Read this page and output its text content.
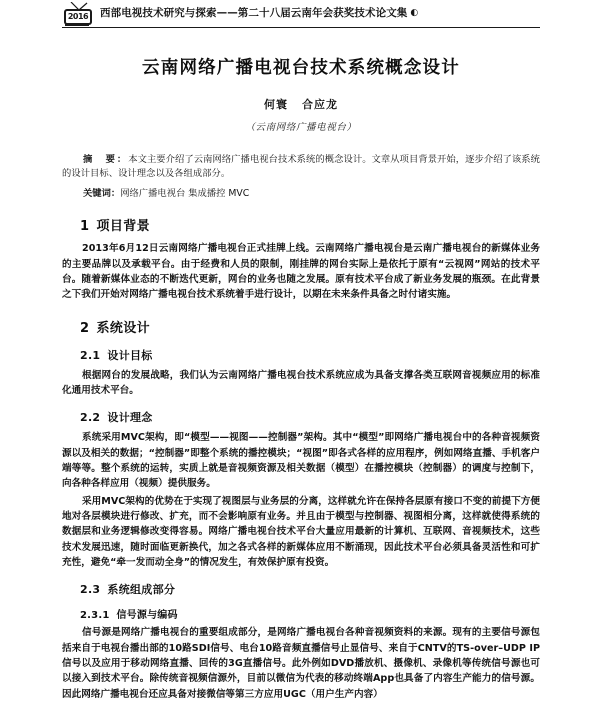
2016 西部电视技术研究与探索——第二十八届云南年会获奖技术论文集 ◐
云南网络广播电视台技术系统概念设计
何寰 合应龙
（云南网络广播电视台）

摘　要：本文主要介绍了云南网络广播电视台技术系统的概念设计。文章从项目背景开始，逐步介绍了该系统的设计目标、设计理念以及各组成部分。

关键词：网络广播电视台 集成播控 MVC
1 项目背景

2013年6月12日云南网络广播电视台正式挂牌上线。云南网络广播电视台是云南广播电视台的新媒体业务的主要品牌以及承载平台。由于经费和人员的限制，刚挂牌的网台实际上是依托于原有“云视网”网站的技术平台。随着新媒体业态的不断迭代更新，网台的业务也随之发展。原有技术平台成了新业务发展的瓶颈。在此背景之下我们开始对网络广播电视台技术系统着手进行设计，以期在未来条件具备之时付诸实施。

2 系统设计
2.1 设计目标

根据网台的发展战略，我们认为云南网络广播电视台技术系统应成为具备支撑各类互联网音视频应用的标准化通用技术平台。

2.2 设计理念

系统采用MVC架构，即“模型——视图——控制器”架构。其中“模型”即网络广播电视台中的各种音视频资源以及相关的数据；“控制器”即整个系统的播控模块；“视图”即各式各样的应用程序，例如网络直播、手机客户端等等。整个系统的运转，实质上就是音视频资源及相关数据（模型）在播控模块（控制器）的调度与控制下，向各种各样应用（视频）提供服务。

采用MVC架构的优势在于实现了视图层与业务层的分离，这样就允许在保持各层原有接口不变的前提下方便地对各层模块进行修改、扩充，而不会影响原有业务。并且由于模型与控制器、视图相分离，这样就使得系统的数据层和业务逻辑修改变得容易。网络广播电视台技术平台大量应用最新的计算机、互联网、音视频技术，这些技术发展迅速，随时面临更新换代，加之各式各样的新媒体应用不断涌现，因此技术平台必须具备灵活性和可扩充性，避免“牵一发而动全身”的情况发生，有效保护原有投资。

2.3 系统组成部分
2.3.1 信号源与编码

信号源是网络广播电视台的重要组成部分，是网络广播电视台各种音视频资料的来源。现有的主要信号源包括来自于电视台播出部的10路SDI信号、电台10路音频直播信号止显信号、来自于CNTV的TS-over–UDP IP信号以及应用于移动网络直播、回传的3G直播信号。此外例如DVD播放机、摄像机、录像机等传统信号源也可以接入到技术平台。除传统音视频信源外，目前以微信为代表的移动终端App也具备了内容生产能力的信号源。因此网络广播电视台还应具备对接微信等第三方应用UGC（用户生产内容）
